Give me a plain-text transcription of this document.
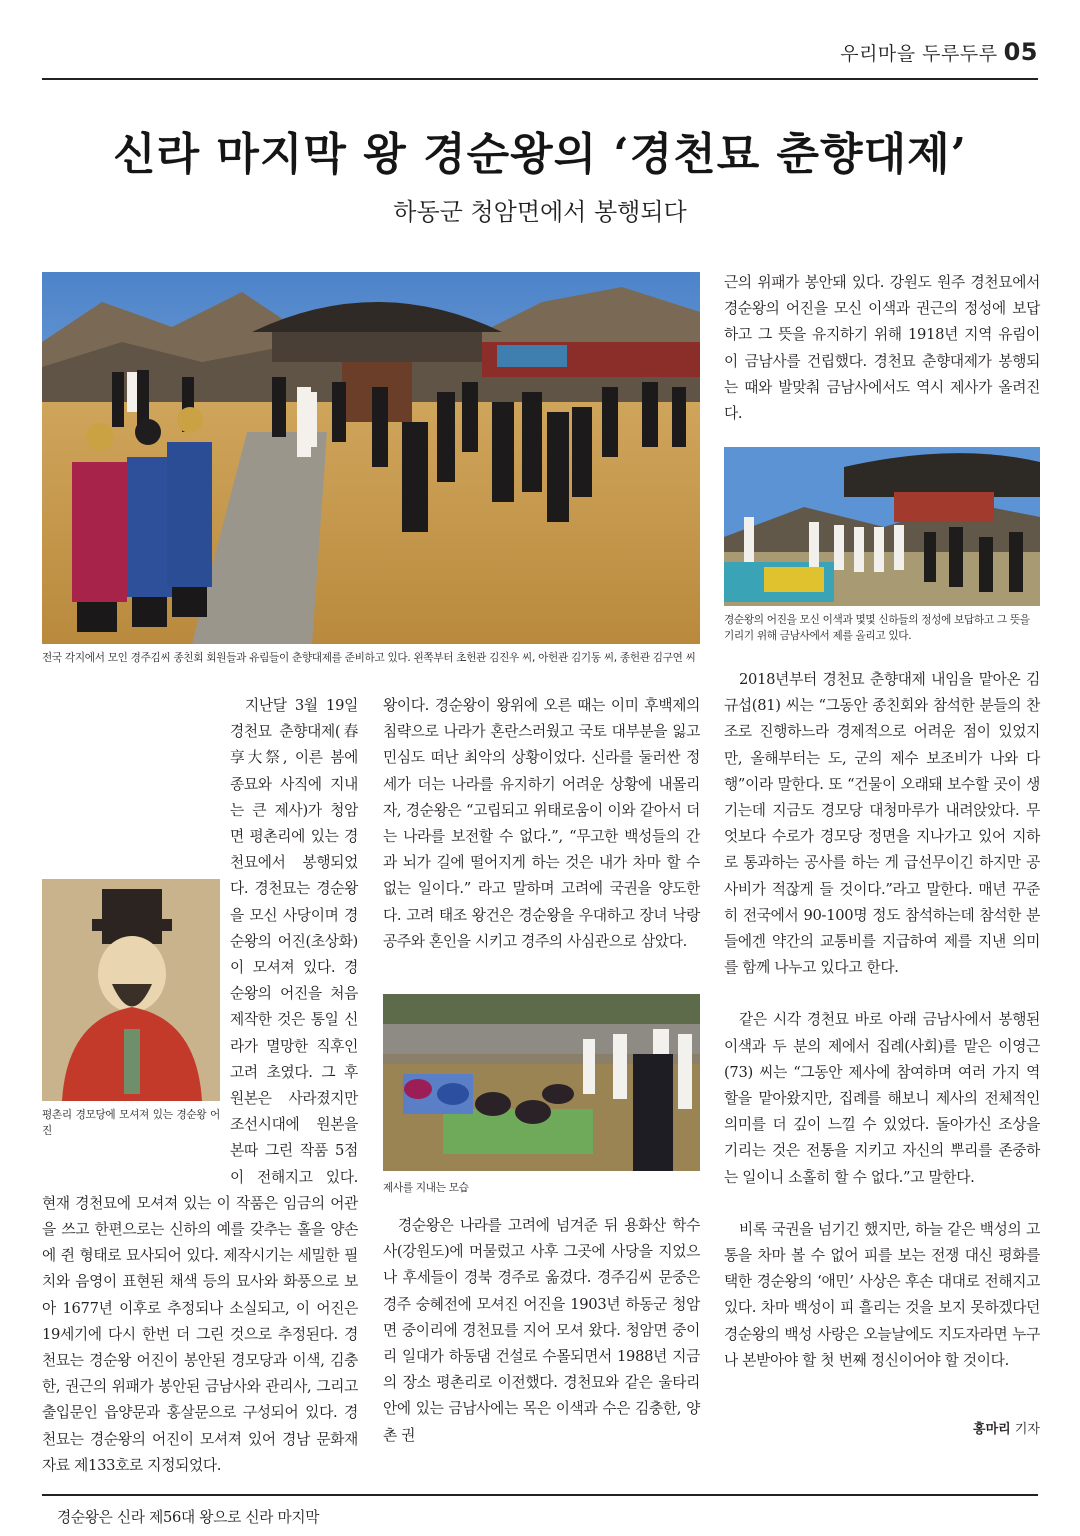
우리마을 두루두루 05
신라 마지막 왕 경순왕의 ‘경천묘 춘향대제’
하동군 청암면에서 봉행되다
전국 각지에서 모인 경주김씨 종친회 회원들과 유림들이 춘향대제를 준비하고 있다. 왼쪽부터 초헌관 김진우 씨, 아헌관 김기동 씨, 종헌관 김구연 씨
평촌리 경모당에 모셔져 있는 경순왕 어진

지난달 3월 19일 경천묘 춘향대제(春享大祭, 이른 봄에 종묘와 사직에 지내는 큰 제사)가 청암면 평촌리에 있는 경천묘에서 봉행되었다. 경천묘는 경순왕을 모신 사당이며 경순왕의 어진(초상화)이 모셔져 있다. 경순왕의 어진을 처음 제작한 것은 통일 신라가 멸망한 직후인 고려 초였다. 그 후 원본은 사라졌지만 조선시대에 원본을 본따 그린 작품 5점이 전해지고 있다. 현재 경천묘에 모셔져 있는 이 작품은 임금의 어관을 쓰고 한편으로는 신하의 예를 갖추는 홀을 양손에 쥔 형태로 묘사되어 있다. 제작시기는 세밀한 필치와 음영이 표현된 채색 등의 묘사와 화풍으로 보아 1677년 이후로 추정되나 소실되고, 이 어진은 19세기에 다시 한번 더 그린 것으로 추정된다. 경천묘는 경순왕 어진이 봉안된 경모당과 이색, 김충한, 권근의 위패가 봉안된 금남사와 관리사, 그리고 출입문인 읍양문과 홍살문으로 구성되어 있다. 경천묘는 경순왕의 어진이 모셔져 있어 경남 문화재자료 제133호로 지정되었다.

경순왕은 신라 제56대 왕으로 신라 마지막

왕이다. 경순왕이 왕위에 오른 때는 이미 후백제의 침략으로 나라가 혼란스러웠고 국토 대부분을 잃고 민심도 떠난 최악의 상황이었다. 신라를 둘러싼 정세가 더는 나라를 유지하기 어려운 상황에 내몰리자, 경순왕은 “고립되고 위태로움이 이와 같아서 더는 나라를 보전할 수 없다.”, “무고한 백성들의 간과 뇌가 길에 떨어지게 하는 것은 내가 차마 할 수 없는 일이다.” 라고 말하며 고려에 국권을 양도한다. 고려 태조 왕건은 경순왕을 우대하고 장녀 낙랑공주와 혼인을 시키고 경주의 사심관으로 삼았다.

제사를 지내는 모습

경순왕은 나라를 고려에 넘겨준 뒤 용화산 학수사(강원도)에 머물렀고 사후 그곳에 사당을 지었으나 후세들이 경북 경주로 옮겼다. 경주김씨 문중은 경주 숭혜전에 모셔진 어진을 1903년 하동군 청암면 중이리에 경천묘를 지어 모셔 왔다. 청암면 중이리 일대가 하동댐 건설로 수몰되면서 1988년 지금의 장소 평촌리로 이전했다. 경천묘와 같은 울타리 안에 있는 금남사에는 목은 이색과 수은 김충한, 양촌 권

근의 위패가 봉안돼 있다. 강원도 원주 경천묘에서 경순왕의 어진을 모신 이색과 권근의 정성에 보답하고 그 뜻을 유지하기 위해 1918년 지역 유림이 이 금남사를 건립했다. 경천묘 춘향대제가 봉행되는 때와 발맞춰 금남사에서도 역시 제사가 올려진다.

경순왕의 어진을 모신 이색과 몇몇 신하들의 정성에 보답하고 그 뜻을 기리기 위해 금남사에서 제를 올리고 있다.

2018년부터 경천묘 춘향대제 내임을 맡아온 김규섭(81) 씨는 “그동안 종친회와 참석한 분들의 찬조로 진행하느라 경제적으로 어려운 점이 있었지만, 올해부터는 도, 군의 제수 보조비가 나와 다행”이라 말한다. 또 “건물이 오래돼 보수할 곳이 생기는데 지금도 경모당 대청마루가 내려앉았다. 무엇보다 수로가 경모당 정면을 지나가고 있어 지하로 통과하는 공사를 하는 게 급선무이긴 하지만 공사비가 적잖게 들 것이다.”라고 말한다. 매년 꾸준히 전국에서 90-100명 정도 참석하는데 참석한 분들에겐 약간의 교통비를 지급하여 제를 지낸 의미를 함께 나누고 있다고 한다.

같은 시각 경천묘 바로 아래 금남사에서 봉행된 이색과 두 분의 제에서 집례(사회)를 맡은 이영근(73) 씨는 “그동안 제사에 참여하며 여러 가지 역할을 맡아왔지만, 집례를 해보니 제사의 전체적인 의미를 더 깊이 느낄 수 있었다. 돌아가신 조상을 기리는 것은 전통을 지키고 자신의 뿌리를 존중하는 일이니 소홀히 할 수 없다.”고 말한다.

비록 국권을 넘기긴 했지만, 하늘 같은 백성의 고통을 차마 볼 수 없어 피를 보는 전쟁 대신 평화를 택한 경순왕의 ‘애민’ 사상은 후손 대대로 전해지고 있다. 차마 백성이 피 흘리는 것을 보지 못하겠다던 경순왕의 백성 사랑은 오늘날에도 지도자라면 누구나 본받아야 할 첫 번째 정신이어야 할 것이다.

홍마리 기자
